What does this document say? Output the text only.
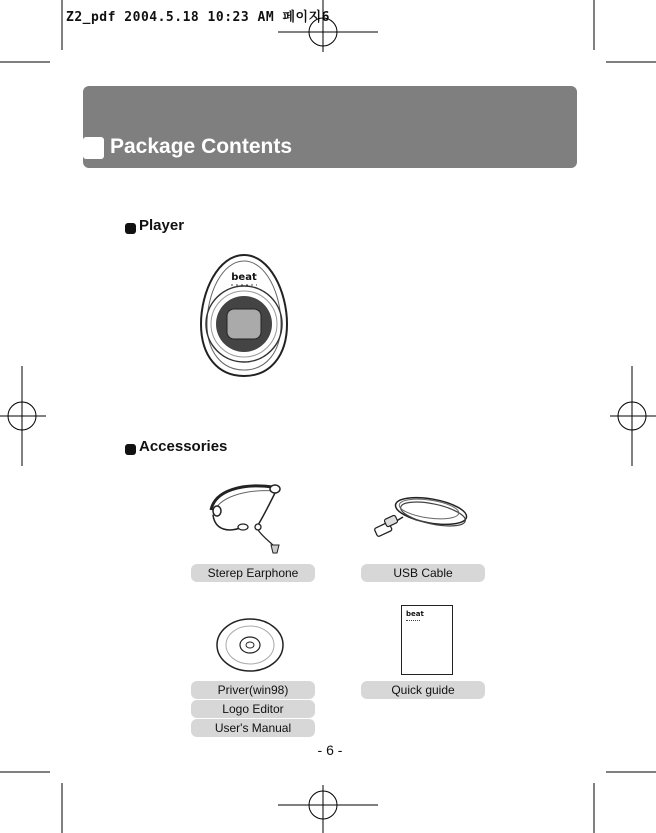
Z2_pdf 2004.5.18 10:23 AM 페이지6
Package Contents
Player
beat
Accessories
Sterep Earphone	USB Cable
Priver(win98)
Logo Editor
User's Manual
beat
Quick guide
- 6 -
